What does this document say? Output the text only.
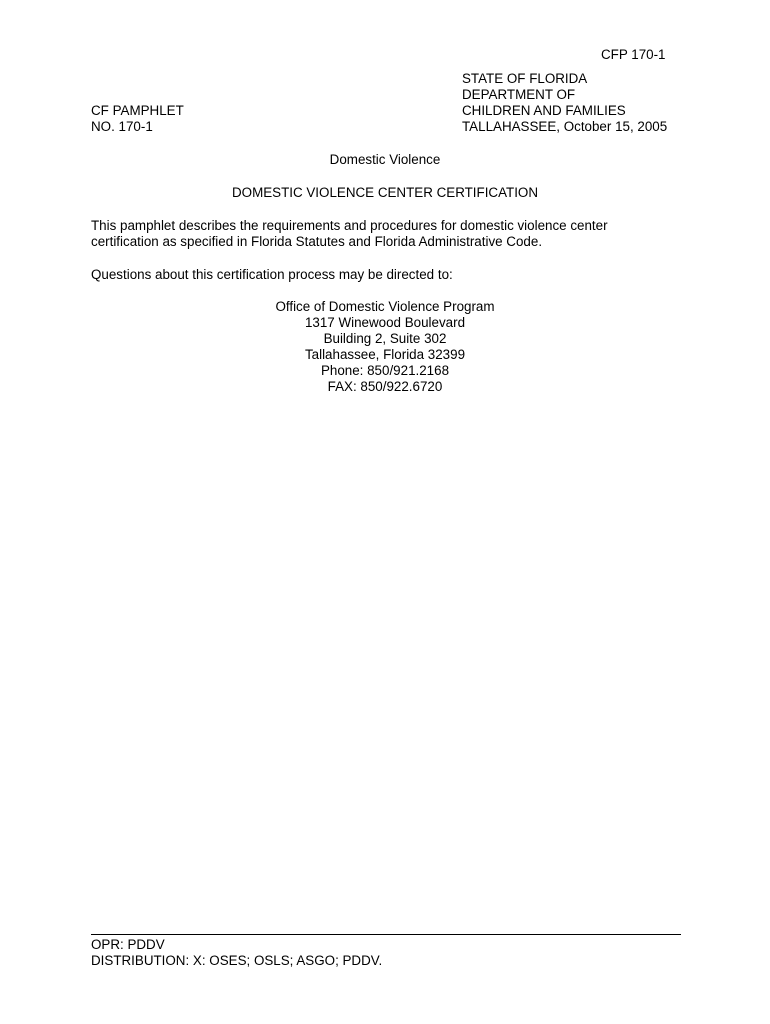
CFP 170-1
STATE OF FLORIDA
DEPARTMENT OF
CHILDREN AND FAMILIES
TALLAHASSEE, October 15, 2005
CF PAMPHLET
NO. 170-1
Domestic Violence
DOMESTIC VIOLENCE CENTER CERTIFICATION
This pamphlet describes the requirements and procedures for domestic violence center
certification as specified in Florida Statutes and Florida Administrative Code.
Questions about this certification process may be directed to:
Office of Domestic Violence Program
1317 Winewood Boulevard
Building 2, Suite 302
Tallahassee, Florida 32399
Phone: 850/921.2168
FAX: 850/922.6720
OPR: PDDV
DISTRIBUTION: X: OSES; OSLS; ASGO; PDDV.
